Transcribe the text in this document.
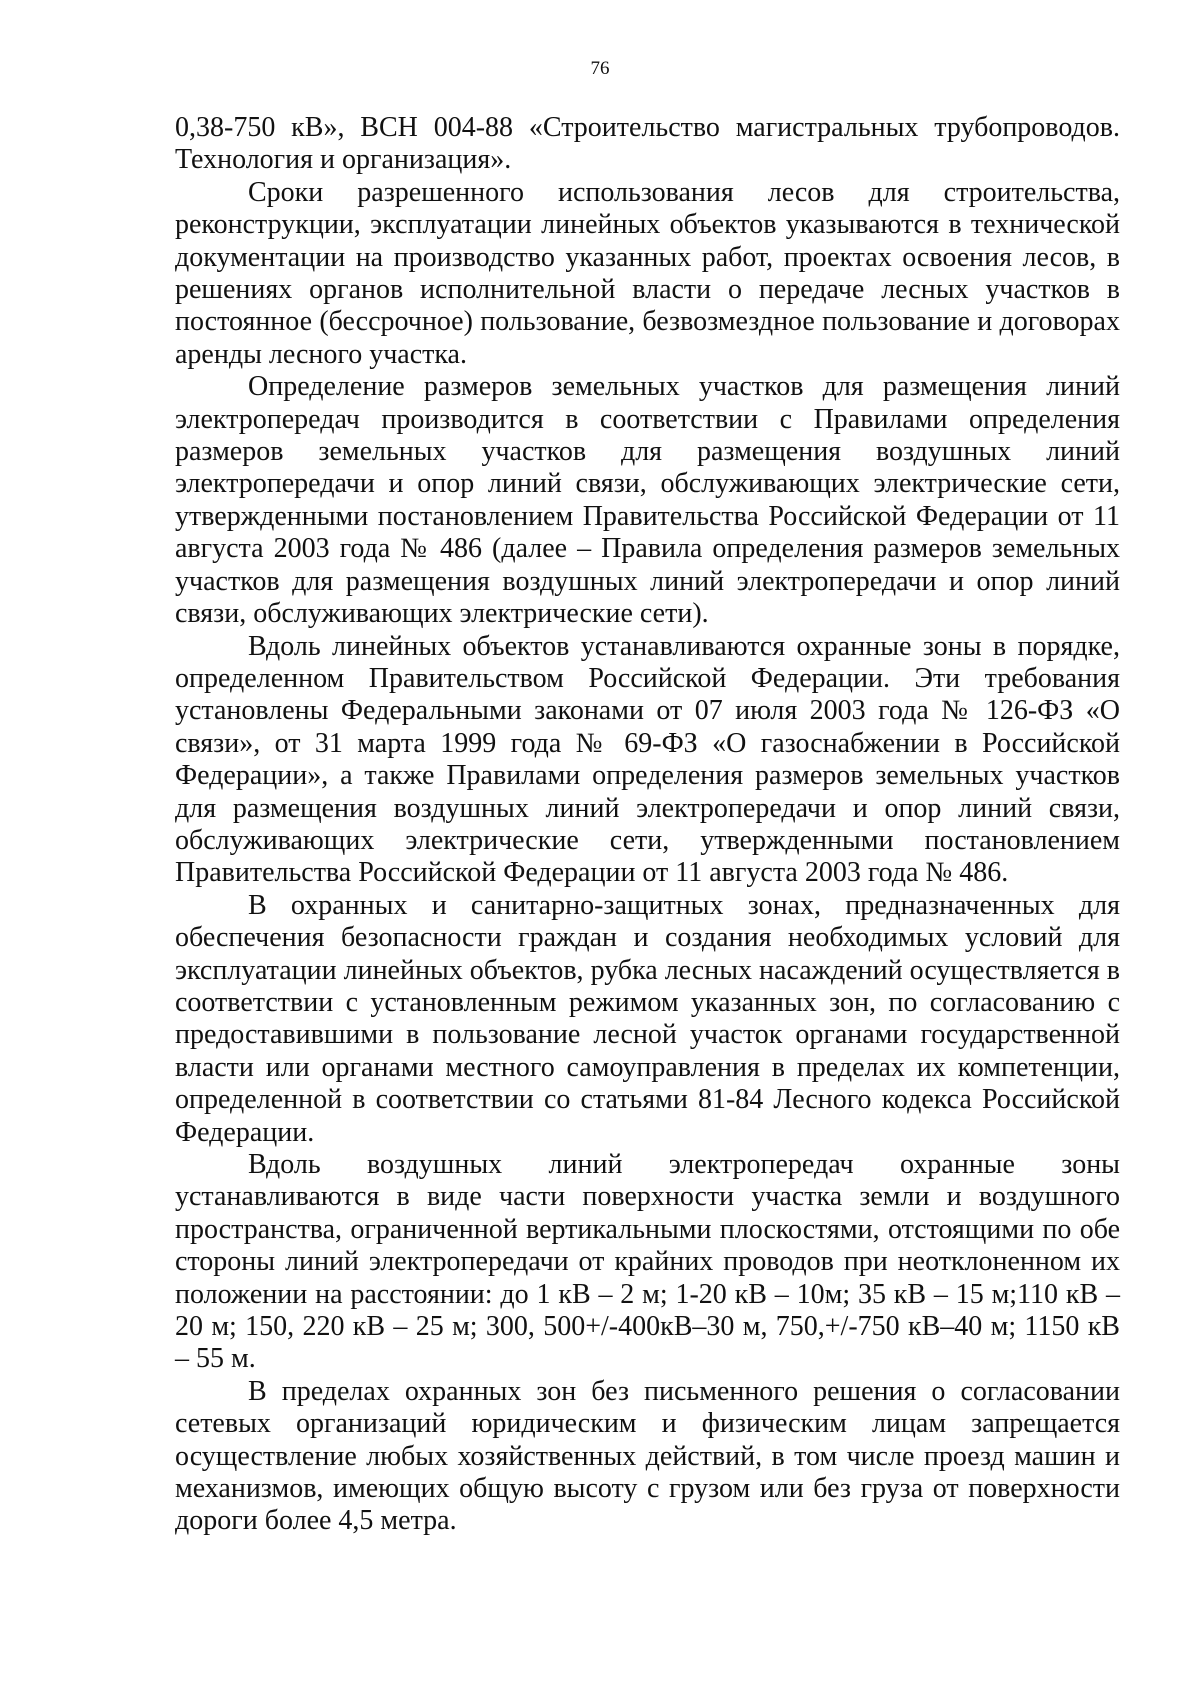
76

0,38-750 кВ», ВСН 004-88 «Строительство магистральных трубопроводов. Технология и организация».

Сроки разрешенного использования лесов для строительства, реконструкции, эксплуатации линейных объектов указываются в технической документации на производство указанных работ, проектах освоения лесов, в решениях органов исполнительной власти о передаче лесных участков в постоянное (бессрочное) пользование, безвозмездное пользование и договорах аренды лесного участка.

Определение размеров земельных участков для размещения линий электропередач производится в соответствии с Правилами определения размеров земельных участков для размещения воздушных линий электропередачи и опор линий связи, обслуживающих электрические сети, утвержденными постановлением Правительства Российской Федерации от 11 августа 2003 года № 486 (далее – Правила определения размеров земельных участков для размещения воздушных линий электропередачи и опор линий связи, обслуживающих электрические сети).

Вдоль линейных объектов устанавливаются охранные зоны в порядке, определенном Правительством Российской Федерации. Эти требования установлены Федеральными законами от 07 июля 2003 года № 126-ФЗ «О связи», от 31 марта 1999 года № 69-ФЗ «О газоснабжении в Российской Федерации», а также Правилами определения размеров земельных участков для размещения воздушных линий электропередачи и опор линий связи, обслуживающих электрические сети, утвержденными постановлением Правительства Российской Федерации от 11 августа 2003 года № 486.

В охранных и санитарно-защитных зонах, предназначенных для обеспечения безопасности граждан и создания необходимых условий для эксплуатации линейных объектов, рубка лесных насаждений осуществляется в соответствии с установленным режимом указанных зон, по согласованию с предоставившими в пользование лесной участок органами государственной власти или органами местного самоуправления в пределах их компетенции, определенной в соответствии со статьями 81-84 Лесного кодекса Российской Федерации.

Вдоль воздушных линий электропередач охранные зоны устанавливаются в виде части поверхности участка земли и воздушного пространства, ограниченной вертикальными плоскостями, отстоящими по обе стороны линий электропередачи от крайних проводов при неотклоненном их положении на расстоянии: до 1 кВ – 2 м; 1-20 кВ – 10м; 35 кВ – 15 м;110 кВ – 20 м; 150, 220 кВ – 25 м; 300, 500+/-400кВ–30 м, 750,+/-750 кВ–40 м; 1150 кВ – 55 м.

В пределах охранных зон без письменного решения о согласовании сетевых организаций юридическим и физическим лицам запрещается осуществление любых хозяйственных действий, в том числе проезд машин и механизмов, имеющих общую высоту с грузом или без груза от поверхности дороги более 4,5 метра.
